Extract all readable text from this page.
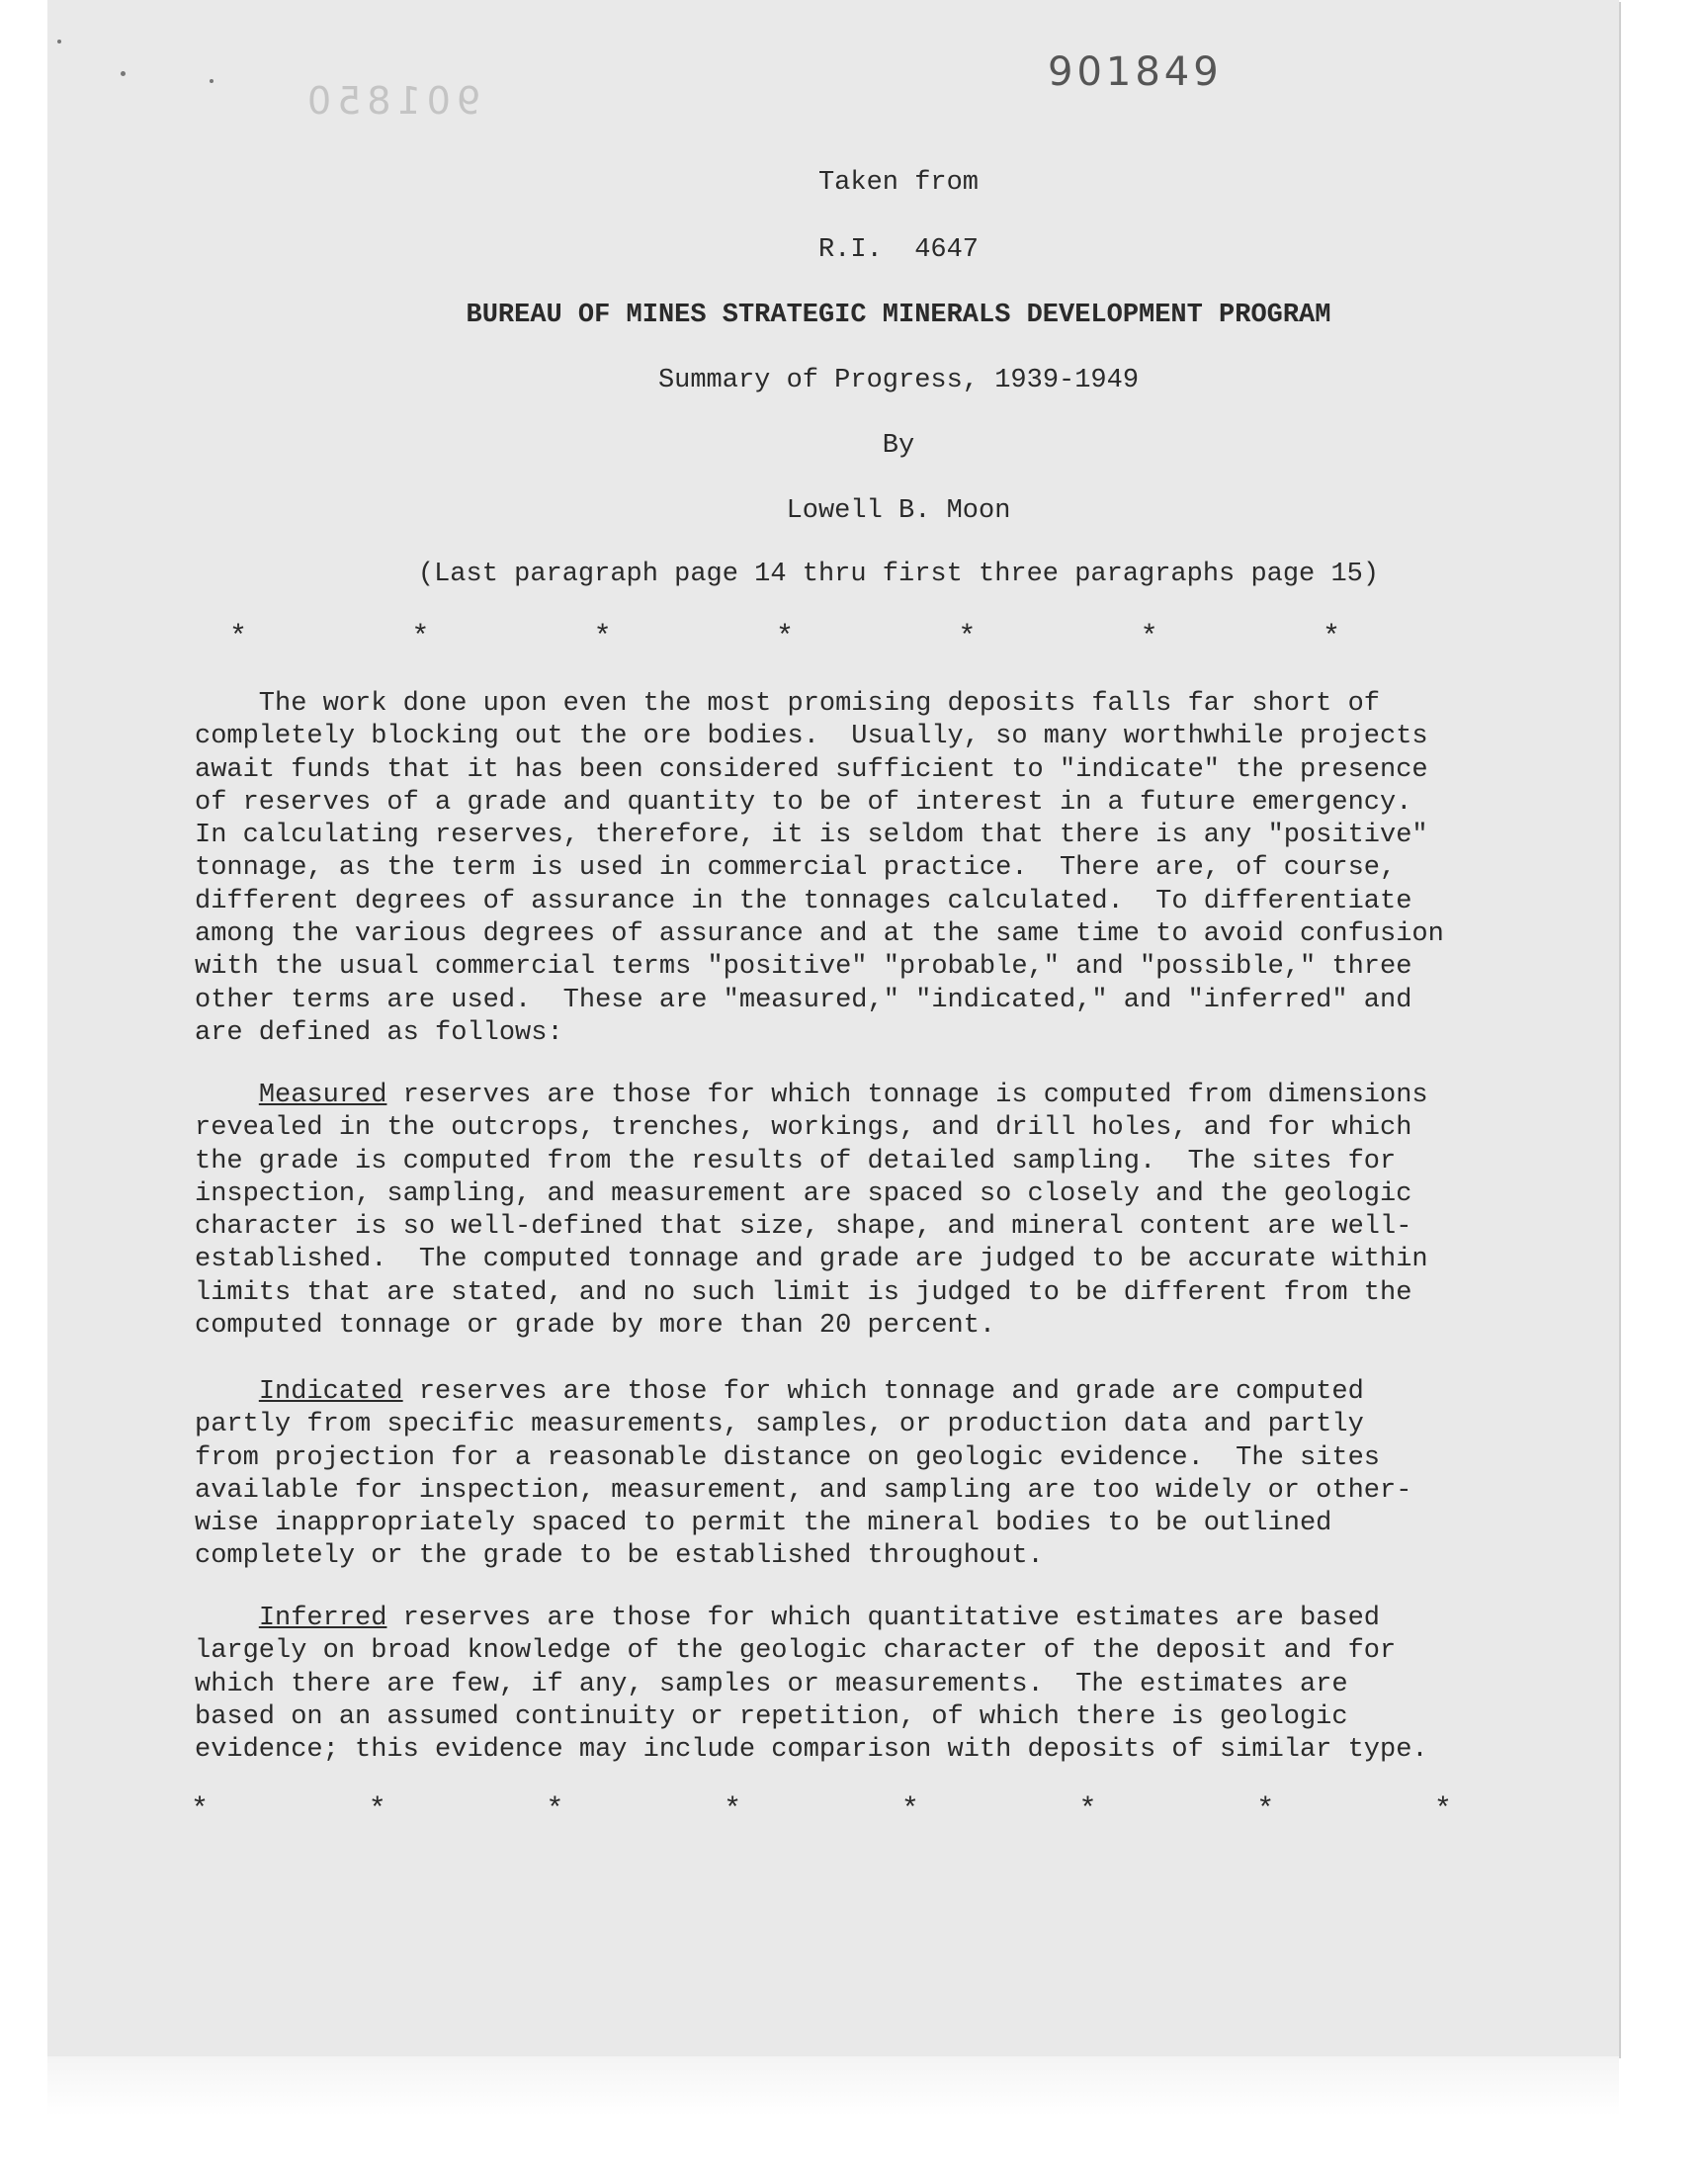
901850
901849
Taken from
R.I.  4647
BUREAU OF MINES STRATEGIC MINERALS DEVELOPMENT PROGRAM
Summary of Progress, 1939-1949
By
Lowell B. Moon
(Last paragraph page 14 thru first three paragraphs page 15)
*	*	*	*	*	*	*

The work done upon even the most promising deposits falls far short of
completely blocking out the ore bodies.  Usually, so many worthwhile projects
await funds that it has been considered sufficient to "indicate" the presence
of reserves of a grade and quantity to be of interest in a future emergency.
In calculating reserves, therefore, it is seldom that there is any "positive"
tonnage, as the term is used in commercial practice.  There are, of course,
different degrees of assurance in the tonnages calculated.  To differentiate
among the various degrees of assurance and at the same time to avoid confusion
with the usual commercial terms "positive" "probable," and "possible," three
other terms are used.  These are "measured," "indicated," and "inferred" and
are defined as follows:

Measured reserves are those for which tonnage is computed from dimensions
revealed in the outcrops, trenches, workings, and drill holes, and for which
the grade is computed from the results of detailed sampling.  The sites for
inspection, sampling, and measurement are spaced so closely and the geologic
character is so well-defined that size, shape, and mineral content are well-
established.  The computed tonnage and grade are judged to be accurate within
limits that are stated, and no such limit is judged to be different from the
computed tonnage or grade by more than 20 percent.

Indicated reserves are those for which tonnage and grade are computed
partly from specific measurements, samples, or production data and partly
from projection for a reasonable distance on geologic evidence.  The sites
available for inspection, measurement, and sampling are too widely or other-
wise inappropriately spaced to permit the mineral bodies to be outlined
completely or the grade to be established throughout.

Inferred reserves are those for which quantitative estimates are based
largely on broad knowledge of the geologic character of the deposit and for
which there are few, if any, samples or measurements.  The estimates are
based on an assumed continuity or repetition, of which there is geologic
evidence; this evidence may include comparison with deposits of similar type.

*	*	*	*	*	*	*	*
